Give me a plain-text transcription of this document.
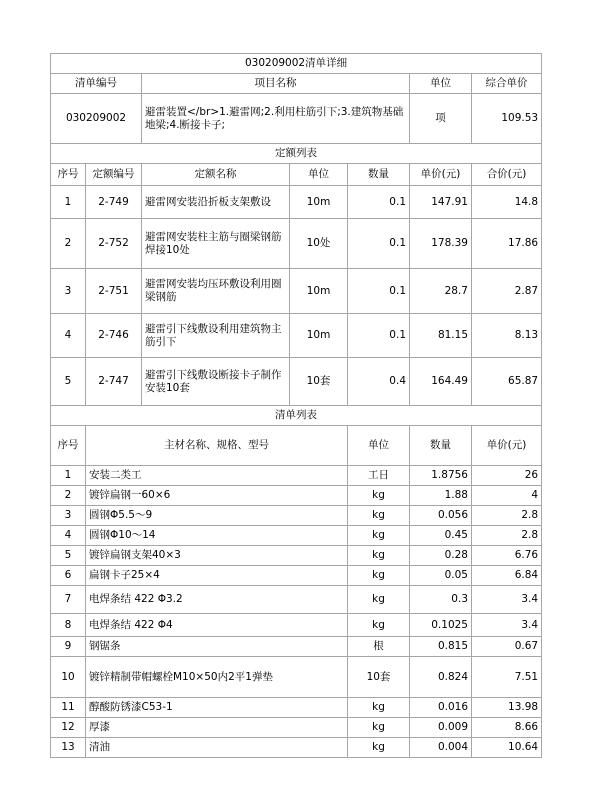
030209002清单详细							
清单编号		项目名称			单位	综合单价	
030209002		避雷装置</br>1.避雷网;2.利用柱筋引下;3.建筑物基础地梁;4.断接卡子;			项	109.53	
定额列表							
序号	定额编号	定额名称	单位	数量	单价(元)	合价(元)	
1	2-749	避雷网安装沿折板支架敷设	10m	0.1	147.91	14.8	
2	2-752	避雷网安装柱主筋与圈梁钢筋焊接10处	10处	0.1	178.39	17.86	
3	2-751	避雷网安装均压环敷设利用圈梁钢筋	10m	0.1	28.7	2.87	
4	2-746	避雷引下线敷设利用建筑物主筋引下	10m	0.1	81.15	8.13	
5	2-747	避雷引下线敷设断接卡子制作安装10套	10套	0.4	164.49	65.87	
清单列表							
序号	主材名称、规格、型号			单位	数量	单价(元)	
1	安装二类工			工日	1.8756	26	
2	镀锌扁钢一60×6			kg	1.88	4	
3	圆钢Φ5.5～9			kg	0.056	2.8	
4	圆钢Φ10～14			kg	0.45	2.8	
5	镀锌扁钢支架40×3			kg	0.28	6.76	
6	扁钢卡子25×4			kg	0.05	6.84	
7	电焊条结 422 Φ3.2			kg	0.3	3.4	
8	电焊条结 422 Φ4			kg	0.1025	3.4	
9	钢锯条			根	0.815	0.67	
10	镀锌精制带帽螺栓M10×50内2平1弹垫			10套	0.824	7.51	
11	醇酸防锈漆C53-1			kg	0.016	13.98	
12	厚漆			kg	0.009	8.66	
13	清油			kg	0.004	10.64	
